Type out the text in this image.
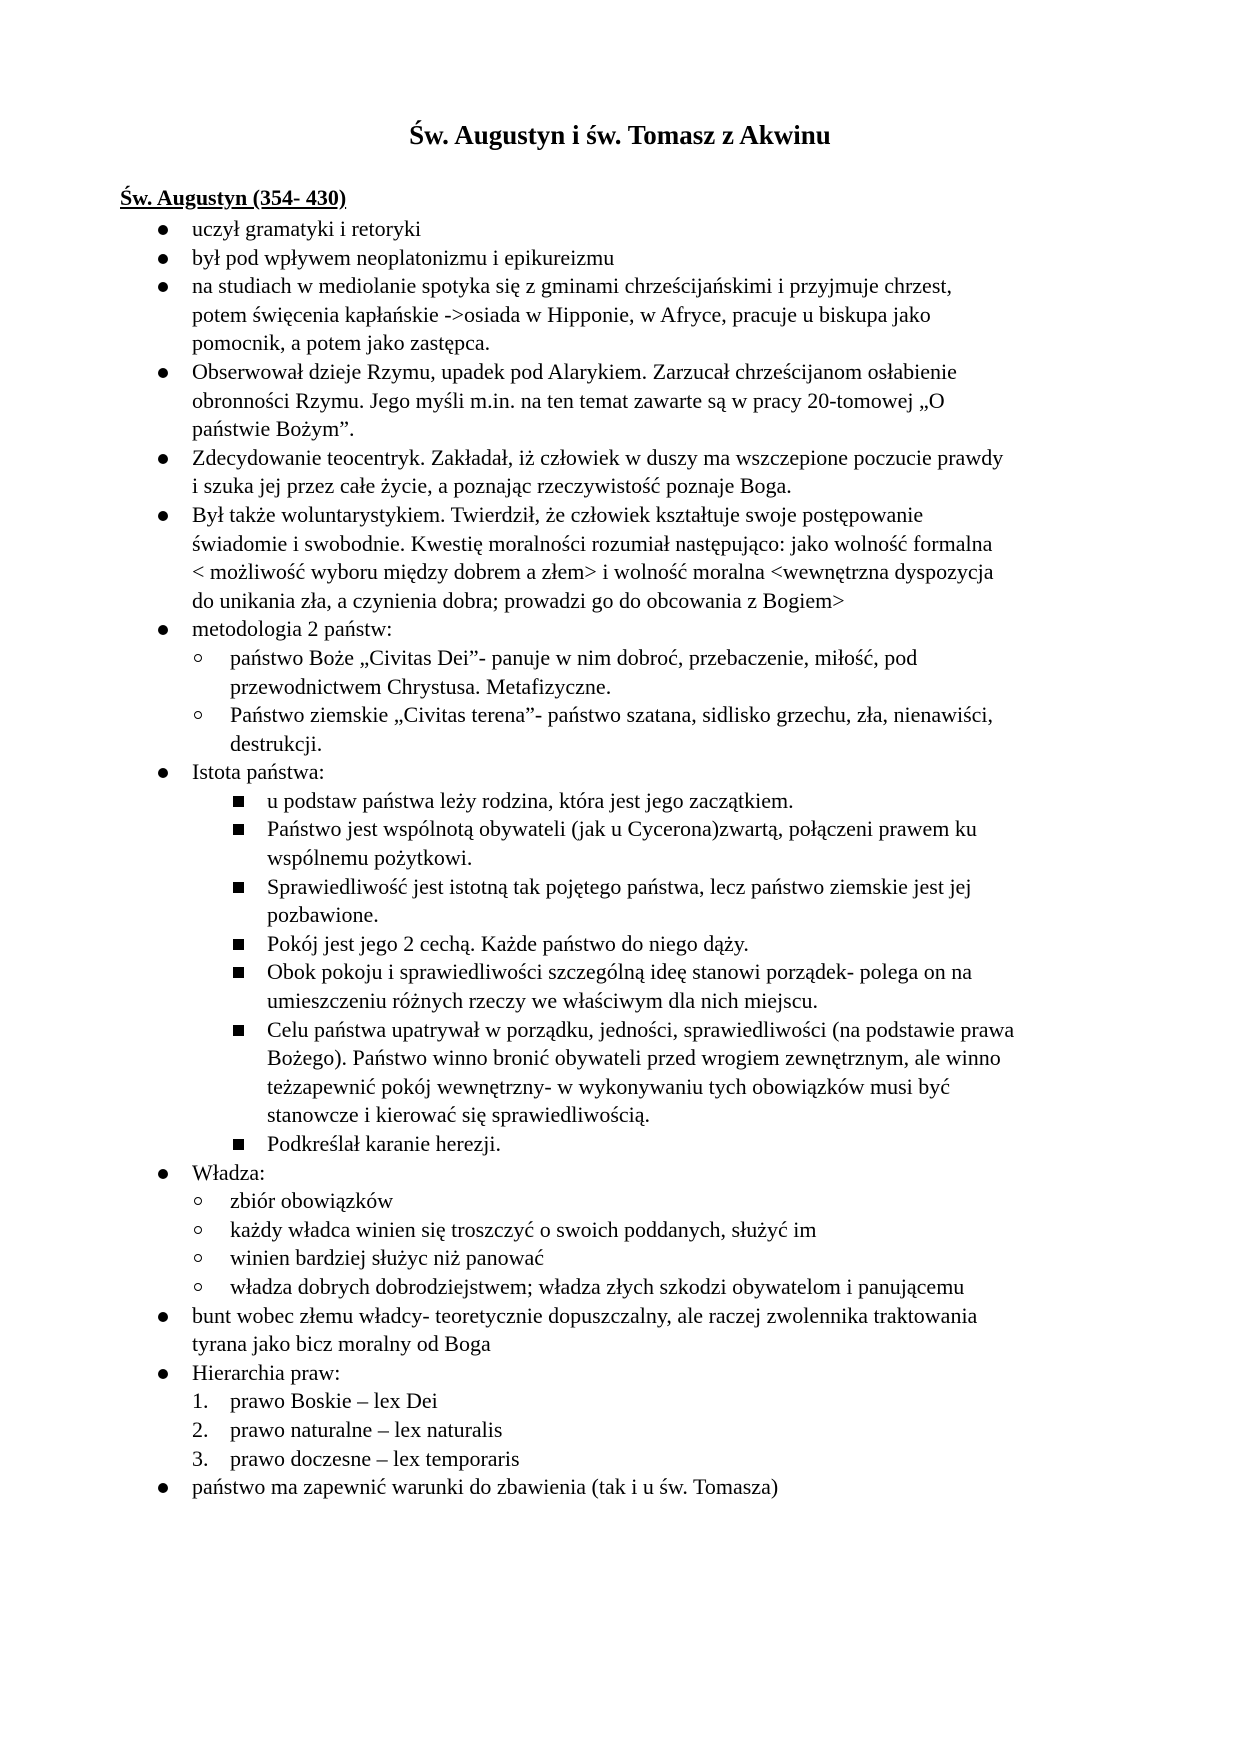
Św. Augustyn i św. Tomasz z Akwinu
Św. Augustyn (354- 430)
uczył gramatyki i retoryki
był pod wpływem neoplatonizmu i epikureizmu
na studiach w mediolanie spotyka się z gminami chrześcijańskimi i przyjmuje chrzest,
potem święcenia kapłańskie ->osiada w Hipponie, w Afryce, pracuje u biskupa jako
pomocnik, a potem jako zastępca.
Obserwował dzieje Rzymu, upadek pod Alarykiem. Zarzucał chrześcijanom osłabienie
obronności Rzymu. Jego myśli m.in. na ten temat zawarte są w pracy 20-tomowej „O
państwie Bożym”.
Zdecydowanie teocentryk. Zakładał, iż człowiek w duszy ma wszczepione poczucie prawdy
i szuka jej przez całe życie, a poznając rzeczywistość poznaje Boga.
Był także woluntarystykiem. Twierdził, że człowiek kształtuje swoje postępowanie
świadomie i swobodnie. Kwestię moralności rozumiał następująco: jako wolność formalna
< możliwość wyboru między dobrem a złem> i wolność moralna <wewnętrzna dyspozycja
do unikania zła, a czynienia dobra; prowadzi go do obcowania z Bogiem>
metodologia 2 państw:
państwo Boże „Civitas Dei”- panuje w nim dobroć, przebaczenie, miłość, pod
przewodnictwem Chrystusa. Metafizyczne.
Państwo ziemskie „Civitas terena”- państwo szatana, sidlisko grzechu, zła, nienawiści,
destrukcji.
Istota państwa:
u podstaw państwa leży rodzina, która jest jego zaczątkiem.
Państwo jest wspólnotą obywateli (jak u Cycerona)zwartą, połączeni prawem ku
wspólnemu pożytkowi.
Sprawiedliwość jest istotną tak pojętego państwa, lecz państwo ziemskie jest jej
pozbawione.
Pokój jest jego 2 cechą. Każde państwo do niego dąży.
Obok pokoju i sprawiedliwości szczególną ideę stanowi porządek- polega on na
umieszczeniu różnych rzeczy we właściwym dla nich miejscu.
Celu państwa upatrywał w porządku, jedności, sprawiedliwości (na podstawie prawa
Bożego). Państwo winno bronić obywateli przed wrogiem zewnętrznym, ale winno
teżzapewnić pokój wewnętrzny- w wykonywaniu tych obowiązków musi być
stanowcze i kierować się sprawiedliwością.
Podkreślał karanie herezji.
Władza:
zbiór obowiązków
każdy władca winien się troszczyć o swoich poddanych, służyć im
winien bardziej służyc niż panować
władza dobrych dobrodziejstwem; władza złych szkodzi obywatelom i panującemu
bunt wobec złemu władcy- teoretycznie dopuszczalny, ale raczej zwolennika traktowania
tyrana jako bicz moralny od Boga
Hierarchia praw:
1. prawo Boskie – lex Dei
2. prawo naturalne – lex naturalis
3. prawo doczesne – lex temporaris
państwo ma zapewnić warunki do zbawienia (tak i u św. Tomasza)
